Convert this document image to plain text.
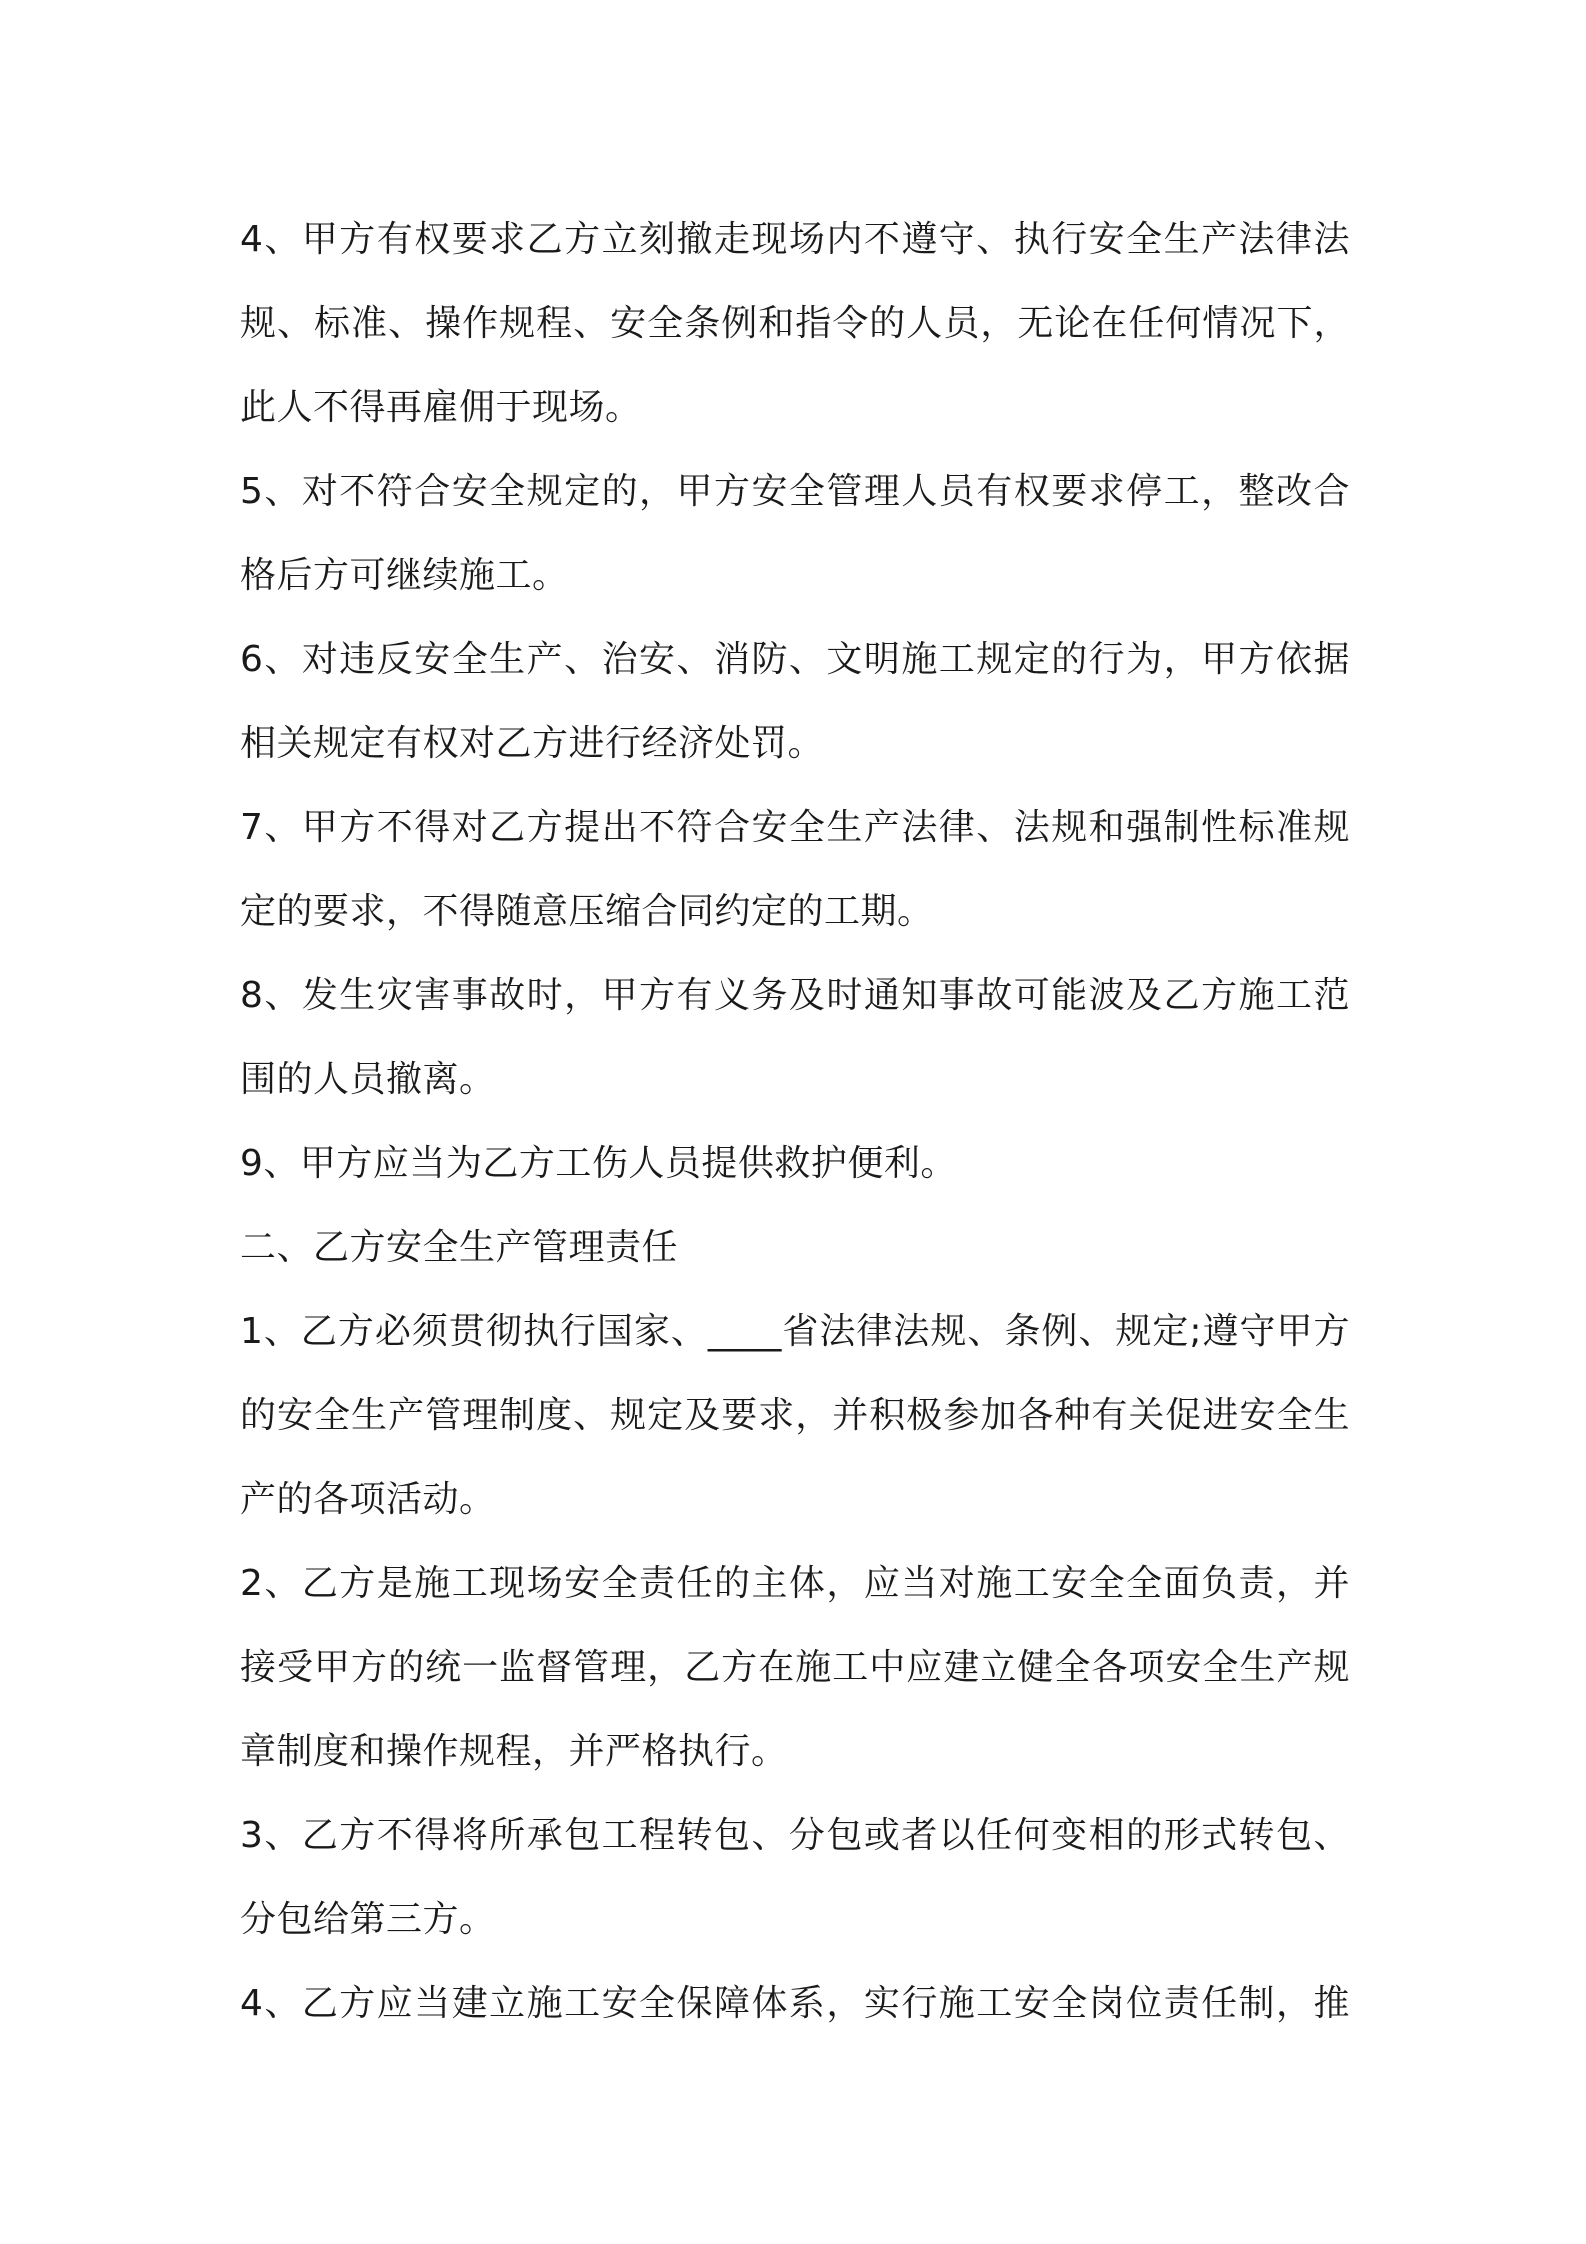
4、甲方有权要求乙方立刻撤走现场内不遵守、执行安全生产法律法
规、标准、操作规程、安全条例和指令的人员，无论在任何情况下，
此人不得再雇佣于现场。
5、对不符合安全规定的，甲方安全管理人员有权要求停工，整改合
格后方可继续施工。
6、对违反安全生产、治安、消防、文明施工规定的行为，甲方依据
相关规定有权对乙方进行经济处罚。
7、甲方不得对乙方提出不符合安全生产法律、法规和强制性标准规
定的要求，不得随意压缩合同约定的工期。
8、发生灾害事故时，甲方有义务及时通知事故可能波及乙方施工范
围的人员撤离。
9、甲方应当为乙方工伤人员提供救护便利。
二、乙方安全生产管理责任
1、乙方必须贯彻执行国家、____省法律法规、条例、规定;遵守甲方
的安全生产管理制度、规定及要求，并积极参加各种有关促进安全生
产的各项活动。
2、乙方是施工现场安全责任的主体，应当对施工安全全面负责，并
接受甲方的统一监督管理，乙方在施工中应建立健全各项安全生产规
章制度和操作规程，并严格执行。
3、乙方不得将所承包工程转包、分包或者以任何变相的形式转包、
分包给第三方。
4、乙方应当建立施工安全保障体系，实行施工安全岗位责任制，推
